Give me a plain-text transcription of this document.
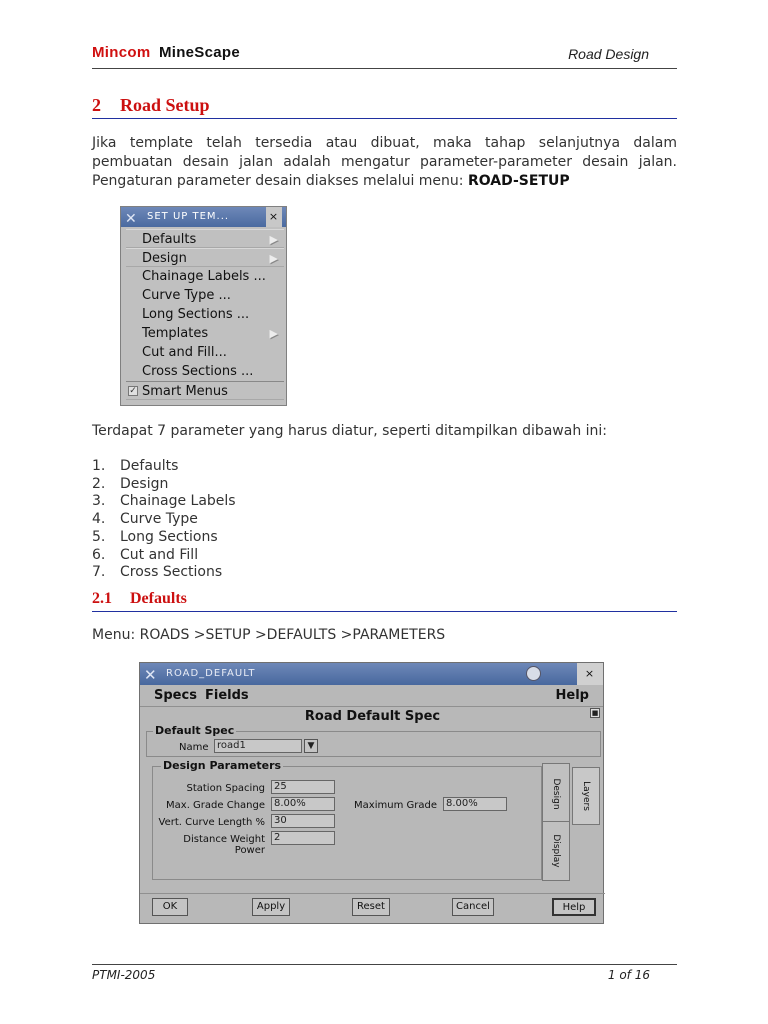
Mincom MineScape	Road Design
2 Road Setup
Jika template telah tersedia atau dibuat, maka tahap selanjutnya dalam pembuatan desain jalan adalah mengatur parameter-parameter desain jalan. Pengaturan parameter desain diakses melalui menu: ROAD-SETUP
✕ SET UP TEM...	×
Defaults	▶
Design	▶
Chainage Labels ...
Curve Type ...
Long Sections ...
Templates	▶
Cut and Fill...
Cross Sections ...
✓ Smart Menus
Terdapat 7 parameter yang harus diatur, seperti ditampilkan dibawah ini:
1. Defaults
2. Design
3. Chainage Labels
4. Curve Type
5. Long Sections
6. Cut and Fill
7. Cross Sections
2.1 Defaults
Menu: ROADS >SETUP >DEFAULTS >PARAMETERS
✕ ROAD_DEFAULT	×
Specs Fields	Help
Road Default Spec	■
Default Spec
Name road1	▼
Design Parameters
Station Spacing 25
Max. Grade Change 8.00%	Maximum Grade 8.00%
Vert. Curve Length % 30
Distance Weight Power
2
Design Layers
Display
OK	Apply	Reset	Cancel	Help
PTMI-2005	1 of 16
